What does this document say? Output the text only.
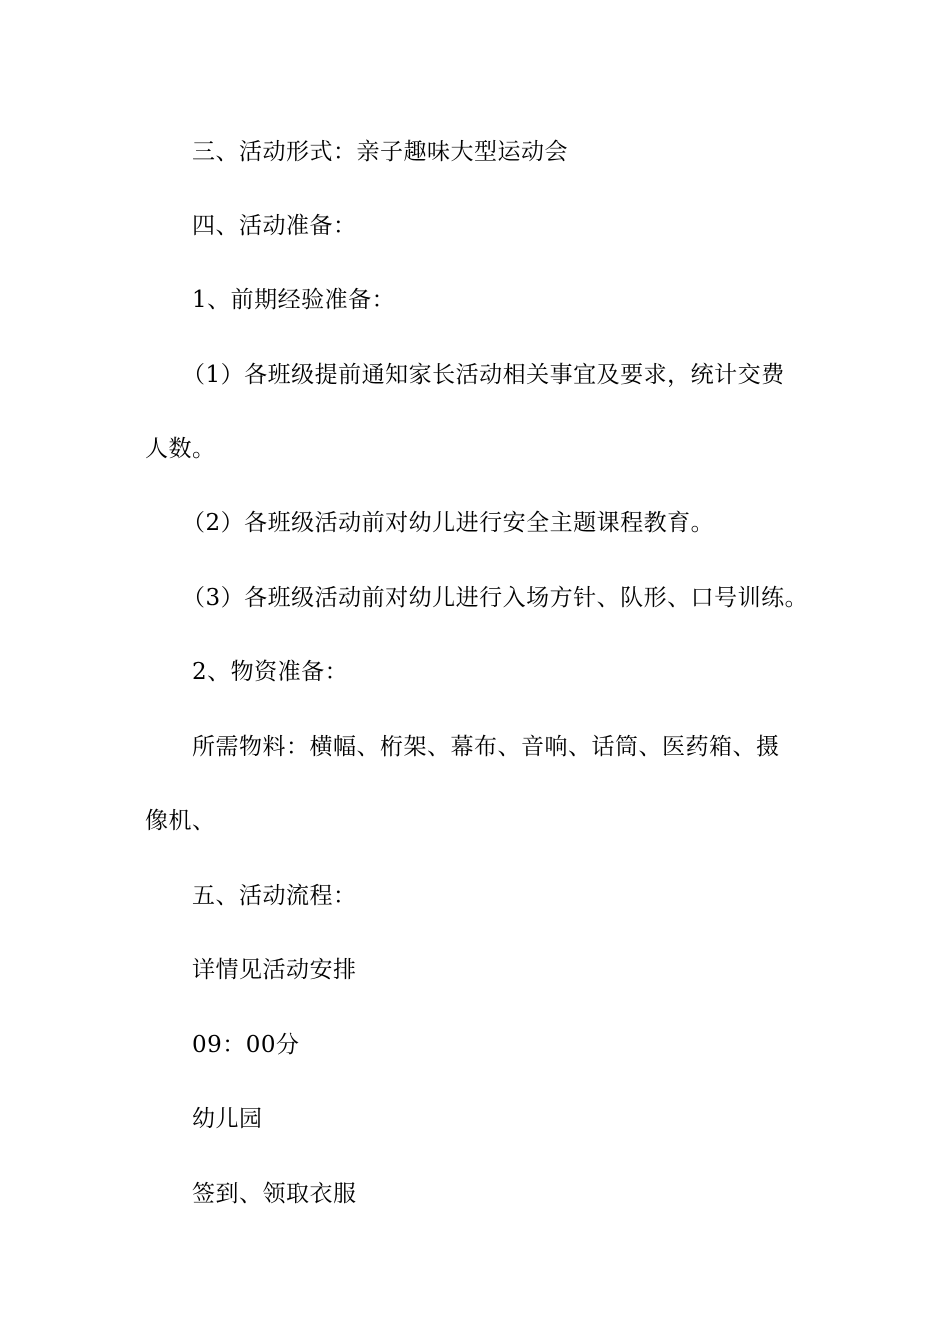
三、活动形式：亲子趣味大型运动会
四、活动准备：
1、前期经验准备：
（1）各班级提前通知家长活动相关事宜及要求，统计交费
人数。
（2）各班级活动前对幼儿进行安全主题课程教育。
（3）各班级活动前对幼儿进行入场方针、队形、口号训练。
2、物资准备：
所需物料：横幅、桁架、幕布、音响、话筒、医药箱、摄
像机、
五、活动流程：
详情见活动安排
09：00分
幼儿园
签到、领取衣服
